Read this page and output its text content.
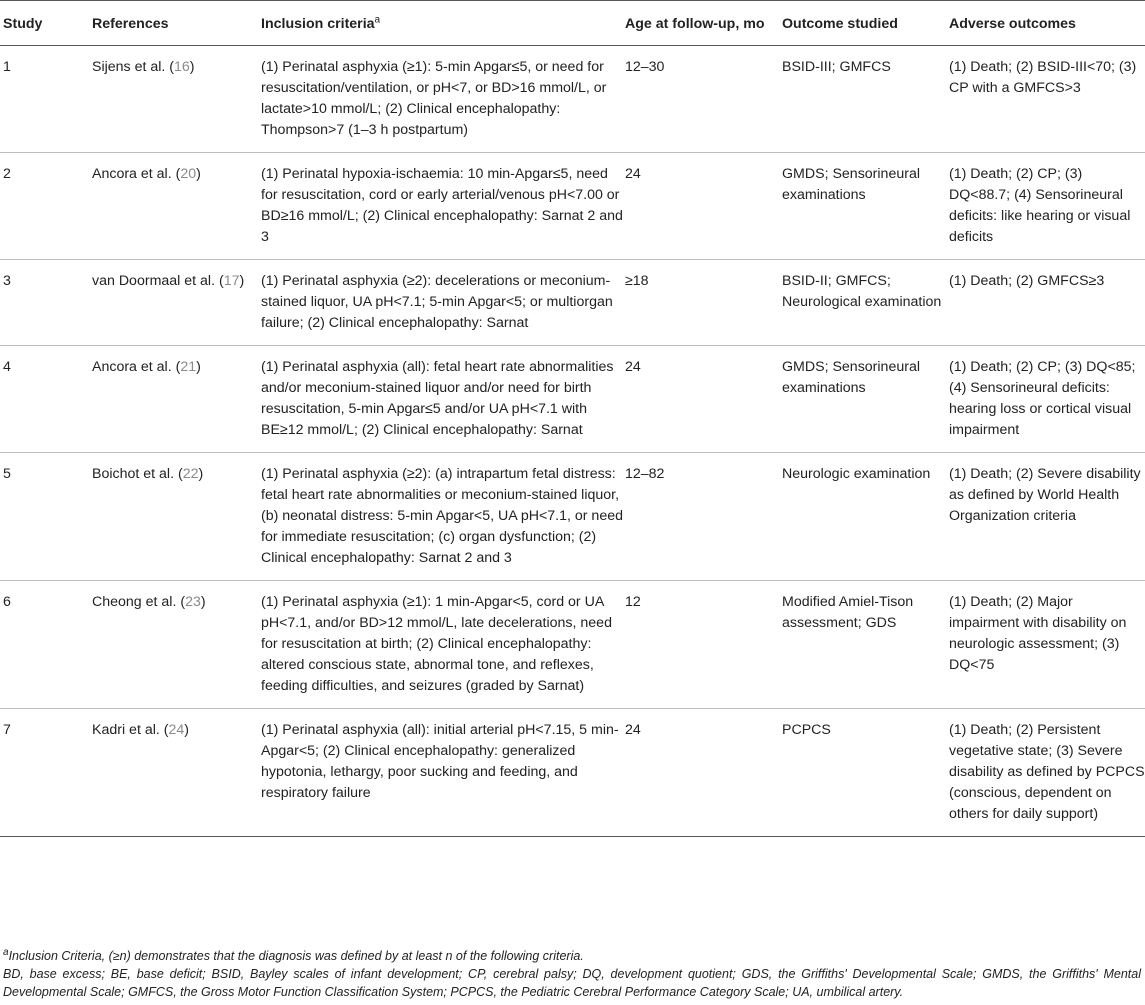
Study	References	Inclusion criteria$^a$	Age at follow-up, mo	Outcome studied	Adverse outcomes
1	Sijens et al. (16)	(1) Perinatal asphyxia (≥1): 5-min Apgar≤5, or need for resuscitation/ventilation, or pH<7, or BD>16 mmol/L, or lactate>10 mmol/L; (2) Clinical encephalopathy: Thompson>7 (1–3 h postpartum)	12–30	BSID-III; GMFCS	(1) Death; (2) BSID-III<70; (3) CP with a GMFCS>3
2	Ancora et al. (20)	(1) Perinatal hypoxia-ischaemia: 10 min-Apgar≤5, need for resuscitation, cord or early arterial/venous pH<7.00 or BD≥16 mmol/L; (2) Clinical encephalopathy: Sarnat 2 and 3	24	GMDS; Sensorineural examinations	(1) Death; (2) CP; (3) DQ<88.7; (4) Sensorineural deficits: like hearing or visual deficits
3	van Doormaal et al. (17)	(1) Perinatal asphyxia (≥2): decelerations or meconium-stained liquor, UA pH<7.1; 5-min Apgar<5; or multiorgan failure; (2) Clinical encephalopathy: Sarnat	≥18	BSID-II; GMFCS; Neurological examination	(1) Death; (2) GMFCS≥3
4	Ancora et al. (21)	(1) Perinatal asphyxia (all): fetal heart rate abnormalities and/or meconium-stained liquor and/or need for birth resuscitation, 5-min Apgar≤5 and/or UA pH<7.1 with BE≥12 mmol/L; (2) Clinical encephalopathy: Sarnat	24	GMDS; Sensorineural examinations	(1) Death; (2) CP; (3) DQ<85; (4) Sensorineural deficits: hearing loss or cortical visual impairment
5	Boichot et al. (22)	(1) Perinatal asphyxia (≥2): (a) intrapartum fetal distress: fetal heart rate abnormalities or meconium-stained liquor, (b) neonatal distress: 5-min Apgar<5, UA pH<7.1, or need for immediate resuscitation; (c) organ dysfunction; (2) Clinical encephalopathy: Sarnat 2 and 3	12–82	Neurologic examination	(1) Death; (2) Severe disability as defined by World Health Organization criteria
6	Cheong et al. (23)	(1) Perinatal asphyxia (≥1): 1 min-Apgar<5, cord or UA pH<7.1, and/or BD>12 mmol/L, late decelerations, need for resuscitation at birth; (2) Clinical encephalopathy: altered conscious state, abnormal tone, and reflexes, feeding difficulties, and seizures (graded by Sarnat)	12	Modified Amiel-Tison assessment; GDS	(1) Death; (2) Major impairment with disability on neurologic assessment; (3) DQ<75
7	Kadri et al. (24)	(1) Perinatal asphyxia (all): initial arterial pH<7.15, 5 min-Apgar<5; (2) Clinical encephalopathy: generalized hypotonia, lethargy, poor sucking and feeding, and respiratory failure	24	PCPCS	(1) Death; (2) Persistent vegetative state; (3) Severe disability as defined by PCPCS (conscious, dependent on others for daily support)

$^a$Inclusion Criteria, (≥n) demonstrates that the diagnosis was defined by at least n of the following criteria.

BD, base excess; BE, base deficit; BSID, Bayley scales of infant development; CP, cerebral palsy; DQ, development quotient; GDS, the Griffiths' Developmental Scale; GMDS, the Griffiths' Mental Developmental Scale; GMFCS, the Gross Motor Function Classification System; PCPCS, the Pediatric Cerebral Performance Category Scale; UA, umbilical artery.
